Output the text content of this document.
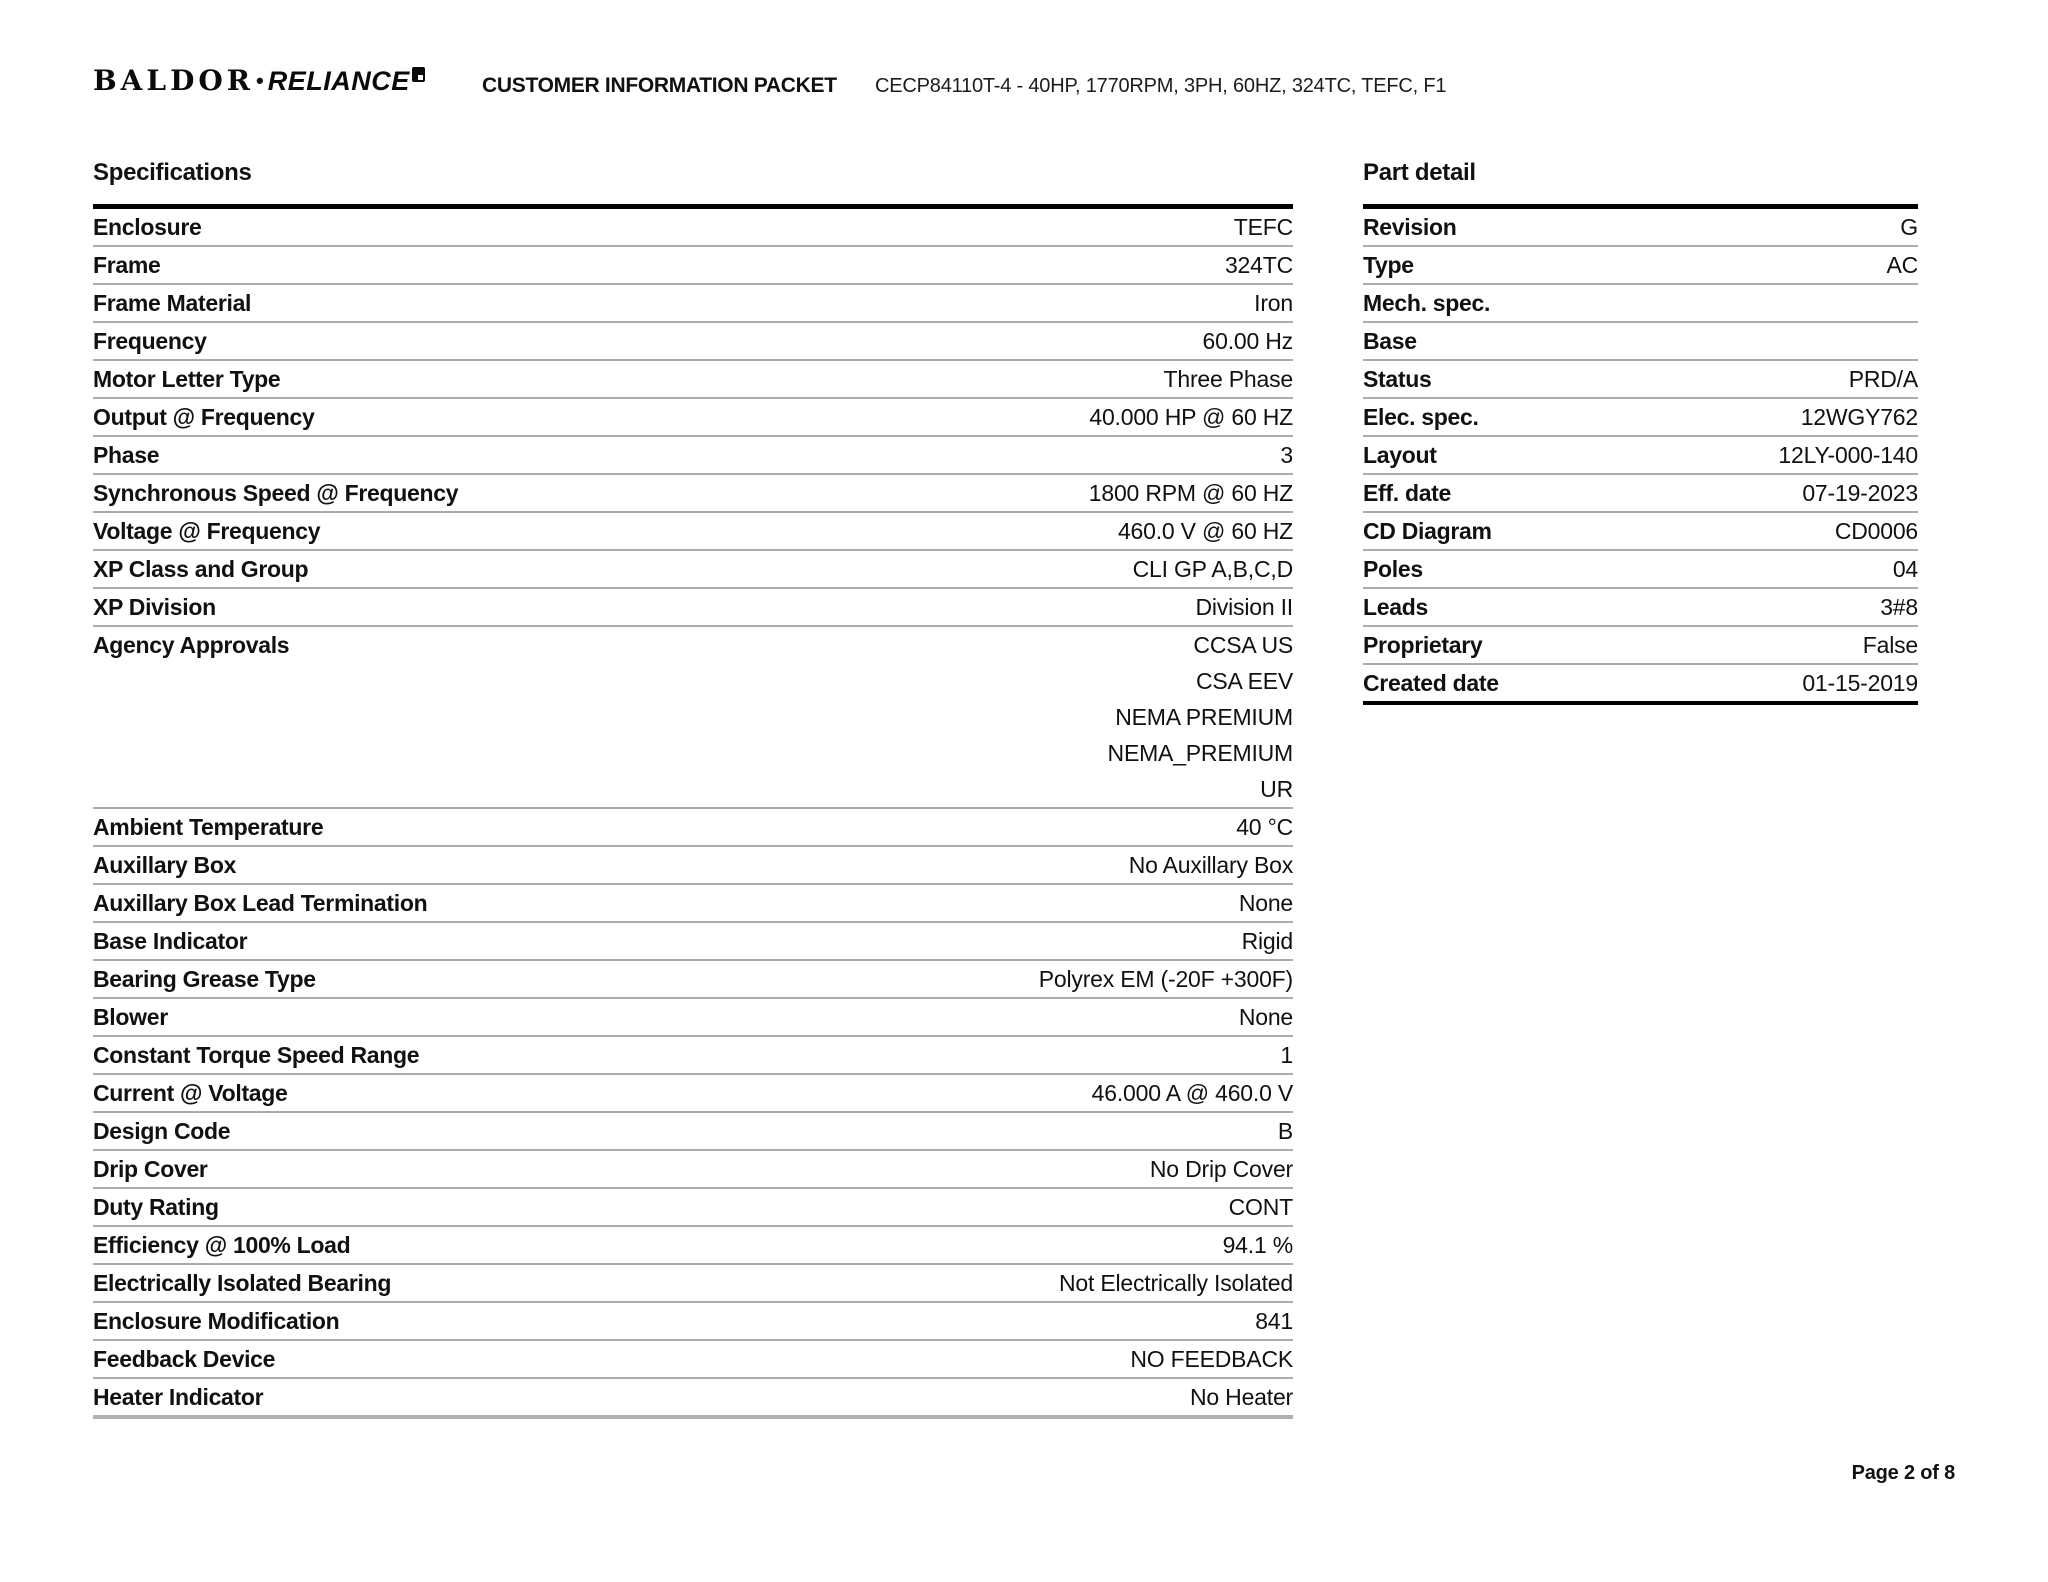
BALDOR• RELIANCE	CUSTOMER INFORMATION PACKET CECP84110T-4 - 40HP, 1770RPM, 3PH, 60HZ, 324TC, TEFC, F1
Specifications
Enclosure	TEFC
Frame	324TC
Frame Material	Iron
Frequency	60.00 Hz
Motor Letter Type	Three Phase
Output @ Frequency	40.000 HP @ 60 HZ
Phase	3
Synchronous Speed @ Frequency	1800 RPM @ 60 HZ
Voltage @ Frequency	460.0 V @ 60 HZ
XP Class and Group	CLI GP A,B,C,D
XP Division	Division II
Agency Approvals	CCSA US
CSA EEV
NEMA PREMIUM
NEMA_PREMIUM
UR
Ambient Temperature	40 °C
Auxillary Box	No Auxillary Box
Auxillary Box Lead Termination	None
Base Indicator	Rigid
Bearing Grease Type	Polyrex EM (-20F +300F)
Blower	None
Constant Torque Speed Range	1
Current @ Voltage	46.000 A @ 460.0 V
Design Code	B
Drip Cover	No Drip Cover
Duty Rating	CONT
Efficiency @ 100% Load	94.1 %
Electrically Isolated Bearing	Not Electrically Isolated
Enclosure Modification	841
Feedback Device	NO FEEDBACK
Heater Indicator	No Heater
Part detail
Revision	G
Type	AC
Mech. spec.
Base
Status	PRD/A
Elec. spec.	12WGY762
Layout	12LY-000-140
Eff. date	07-19-2023
CD Diagram	CD0006
Poles	04
Leads	3#8
Proprietary	False
Created date	01-15-2019
Page 2 of 8
